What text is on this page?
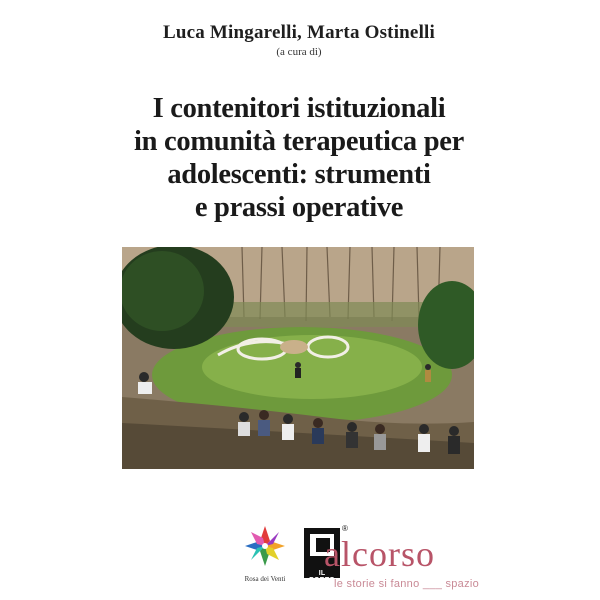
Luca Mingarelli, Marta Ostinelli
(a cura di)
I contenitori istituzionali
in comunità terapeutica per
adolescenti: strumenti
e prassi operative
Rosa dei Venti
IL PORTO
®
alcorso
le storie si fanno ___ spazio
